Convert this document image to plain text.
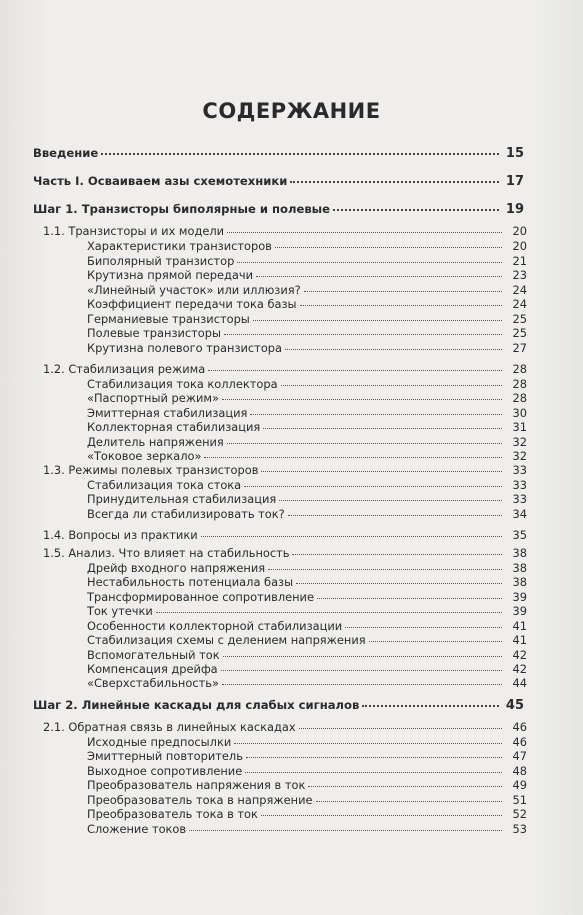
СОДЕРЖАНИЕ
Введение	15
Часть I. Осваиваем азы схемотехники	17
Шаг 1. Транзисторы биполярные и полевые	19
1.1. Транзисторы и их модели	20
Характеристики транзисторов	20
Биполярный транзистор	21
Крутизна прямой передачи	23
«Линейный участок» или иллюзия?	24
Коэффициент передачи тока базы	24
Германиевые транзисторы	25
Полевые транзисторы	25
Крутизна полевого транзистора	27
1.2. Стабилизация режима	28
Стабилизация тока коллектора	28
«Паспортный режим»	28
Эмиттерная стабилизация	30
Коллекторная стабилизация	31
Делитель напряжения	32
«Токовое зеркало»	32
1.3. Режимы полевых транзисторов	33
Стабилизация тока стока	33
Принудительная стабилизация	33
Всегда ли стабилизировать ток?	34
1.4. Вопросы из практики	35
1.5. Анализ. Что влияет на стабильность	38
Дрейф входного напряжения	38
Нестабильность потенциала базы	38
Трансформированное сопротивление	39
Ток утечки	39
Особенности коллекторной стабилизации	41
Стабилизация схемы с делением напряжения	41
Вспомогательный ток	42
Компенсация дрейфа	42
«Сверхстабильность»	44
Шаг 2. Линейные каскады для слабых сигналов	45
2.1. Обратная связь в линейных каскадах	46
Исходные предпосылки	46
Эмиттерный повторитель	47
Выходное сопротивление	48
Преобразователь напряжения в ток	49
Преобразователь тока в напряжение	51
Преобразователь тока в ток	52
Сложение токов	53
